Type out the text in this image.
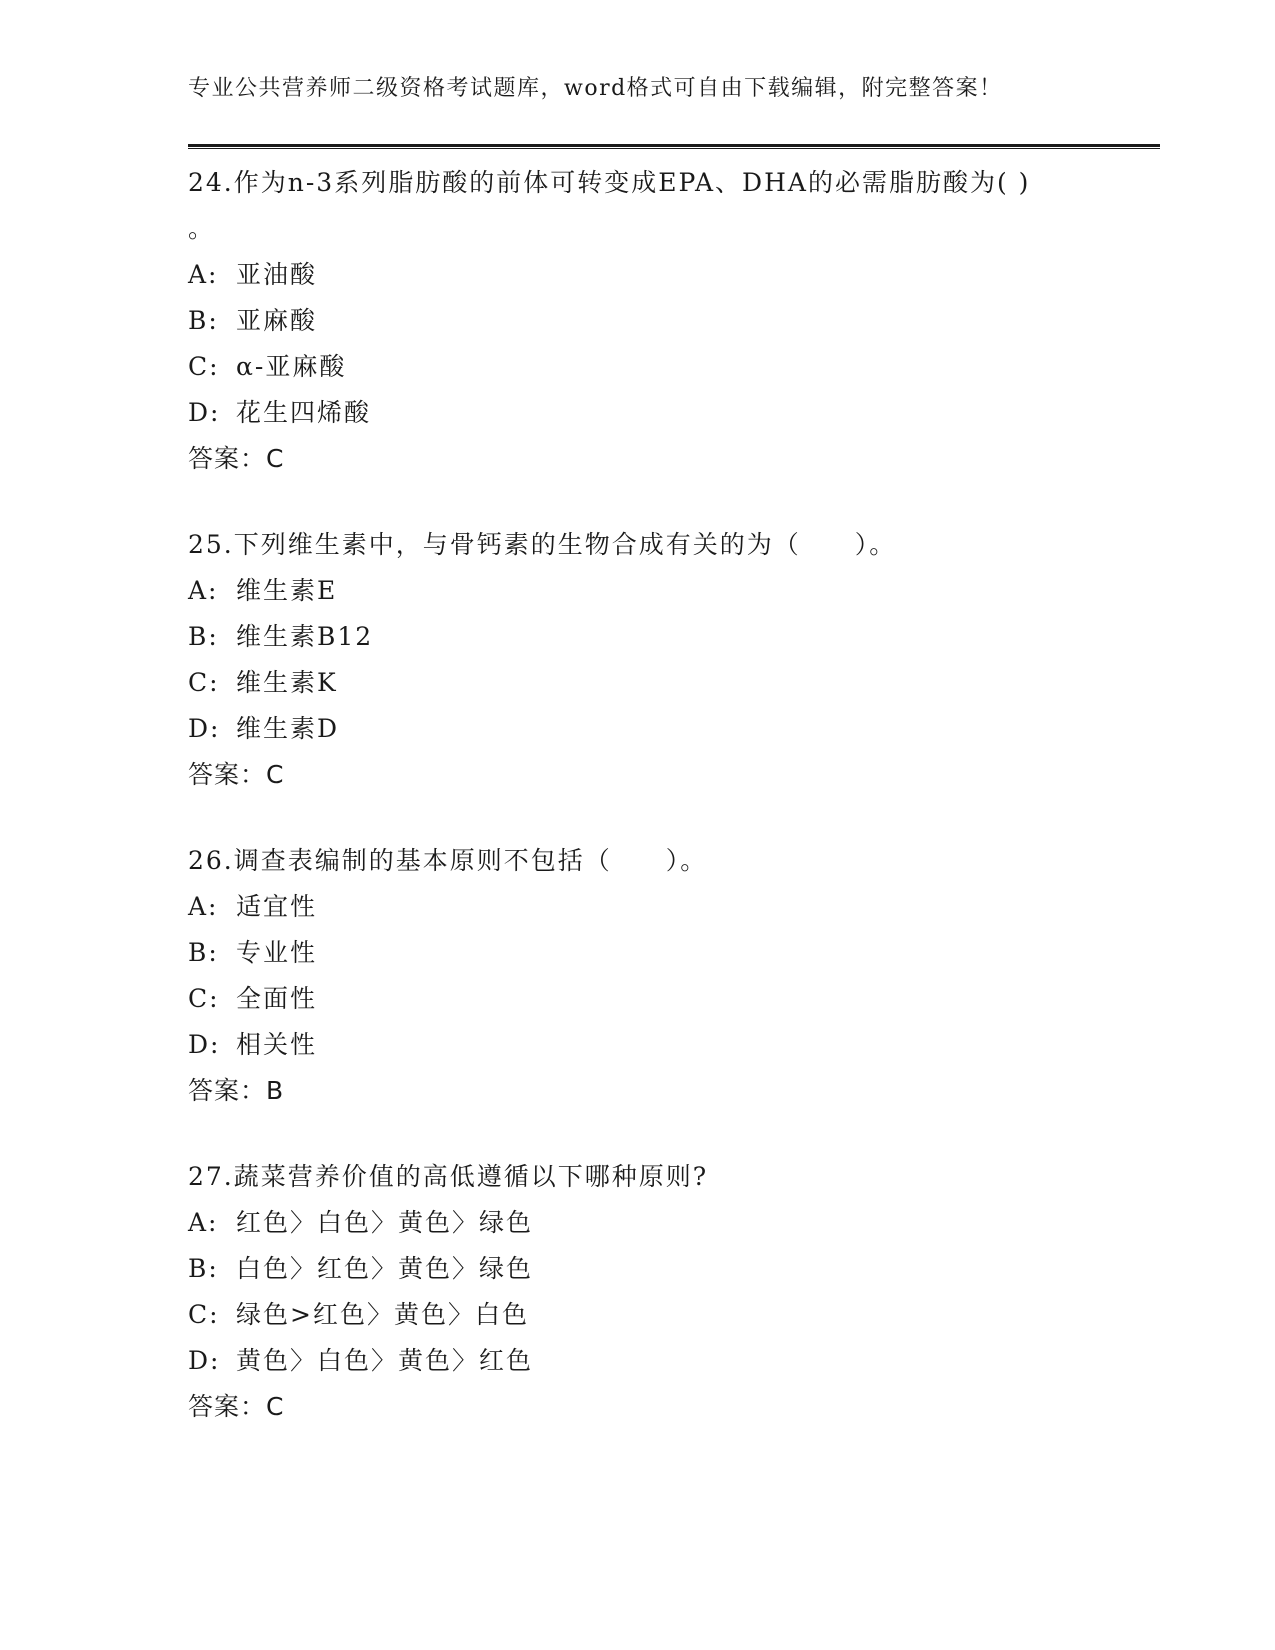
专业公共营养师二级资格考试题库，word格式可自由下载编辑，附完整答案！

24.作为n-3系列脂肪酸的前体可转变成EPA、DHA的必需脂肪酸为( )

。

A: 亚油酸

B: 亚麻酸

C: α-亚麻酸

D: 花生四烯酸

答案：C

25.下列维生素中，与骨钙素的生物合成有关的为（　　）。

A: 维生素E

B: 维生素B12

C: 维生素K

D: 维生素D

答案：C

26.调查表编制的基本原则不包括（　　）。

A: 适宜性

B: 专业性

C: 全面性

D: 相关性

答案：B

27.蔬菜营养价值的高低遵循以下哪种原则?

A: 红色〉白色〉黄色〉绿色

B: 白色〉红色〉黄色〉绿色

C: 绿色>红色〉黄色〉白色

D: 黄色〉白色〉黄色〉红色

答案：C
